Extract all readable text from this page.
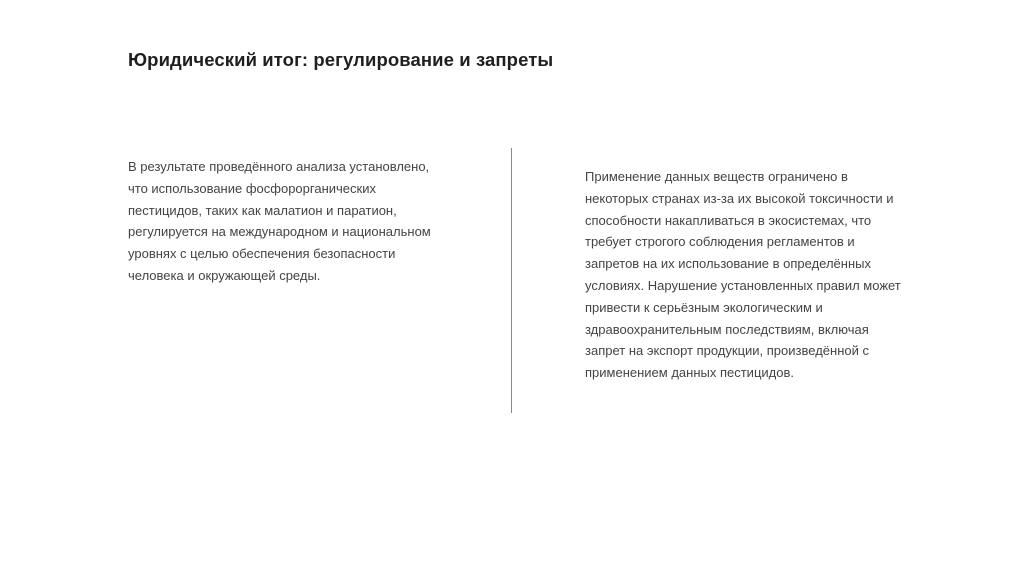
Юридический итог: регулирование и запреты
В результате проведённого анализа установлено,
что использование фосфорорганических
пестицидов, таких как малатион и паратион,
регулируется на международном и национальном
уровнях с целью обеспечения безопасности
человека и окружающей среды.
Применение данных веществ ограничено в
некоторых странах из-за их высокой токсичности и
способности накапливаться в экосистемах, что
требует строгого соблюдения регламентов и
запретов на их использование в определённых
условиях. Нарушение установленных правил может
привести к серьёзным экологическим и
здравоохранительным последствиям, включая
запрет на экспорт продукции, произведённой с
применением данных пестицидов.
